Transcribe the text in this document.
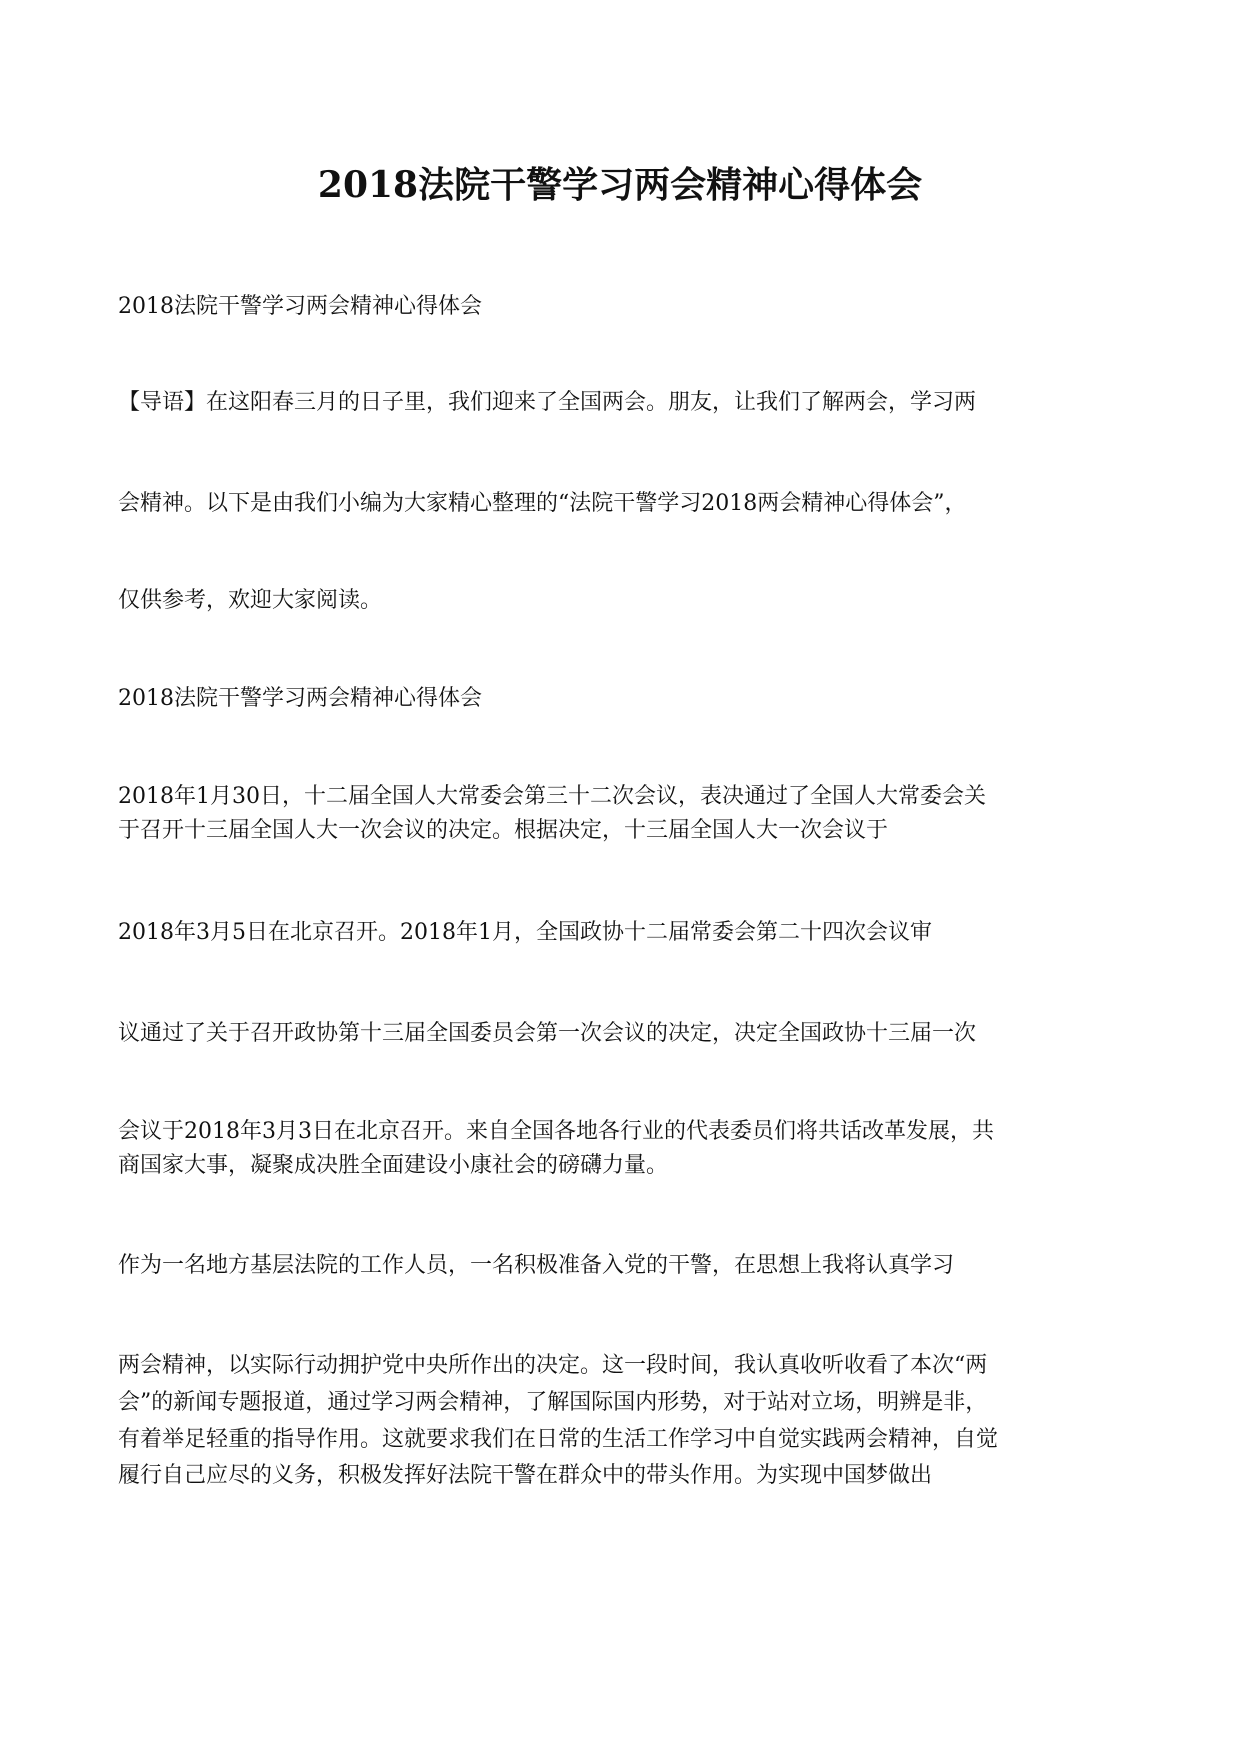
2018法院干警学习两会精神心得体会
2018法院干警学习两会精神心得体会
【导语】在这阳春三月的日子里，我们迎来了全国两会。朋友，让我们了解两会，学习两
会精神。以下是由我们小编为大家精心整理的“法院干警学习2018两会精神心得体会”，
仅供参考，欢迎大家阅读。
2018法院干警学习两会精神心得体会
2018年1月30日，十二届全国人大常委会第三十二次会议，表决通过了全国人大常委会关
于召开十三届全国人大一次会议的决定。根据决定，十三届全国人大一次会议于
2018年3月5日在北京召开。2018年1月，全国政协十二届常委会第二十四次会议审
议通过了关于召开政协第十三届全国委员会第一次会议的决定，决定全国政协十三届一次
会议于2018年3月3日在北京召开。来自全国各地各行业的代表委员们将共话改革发展，共
商国家大事，凝聚成决胜全面建设小康社会的磅礴力量。
作为一名地方基层法院的工作人员，一名积极准备入党的干警，在思想上我将认真学习
两会精神，以实际行动拥护党中央所作出的决定。这一段时间，我认真收听收看了本次“两
会”的新闻专题报道，通过学习两会精神，了解国际国内形势，对于站对立场，明辨是非，
有着举足轻重的指导作用。这就要求我们在日常的生活工作学习中自觉实践两会精神，自觉
履行自己应尽的义务，积极发挥好法院干警在群众中的带头作用。为实现中国梦做出
